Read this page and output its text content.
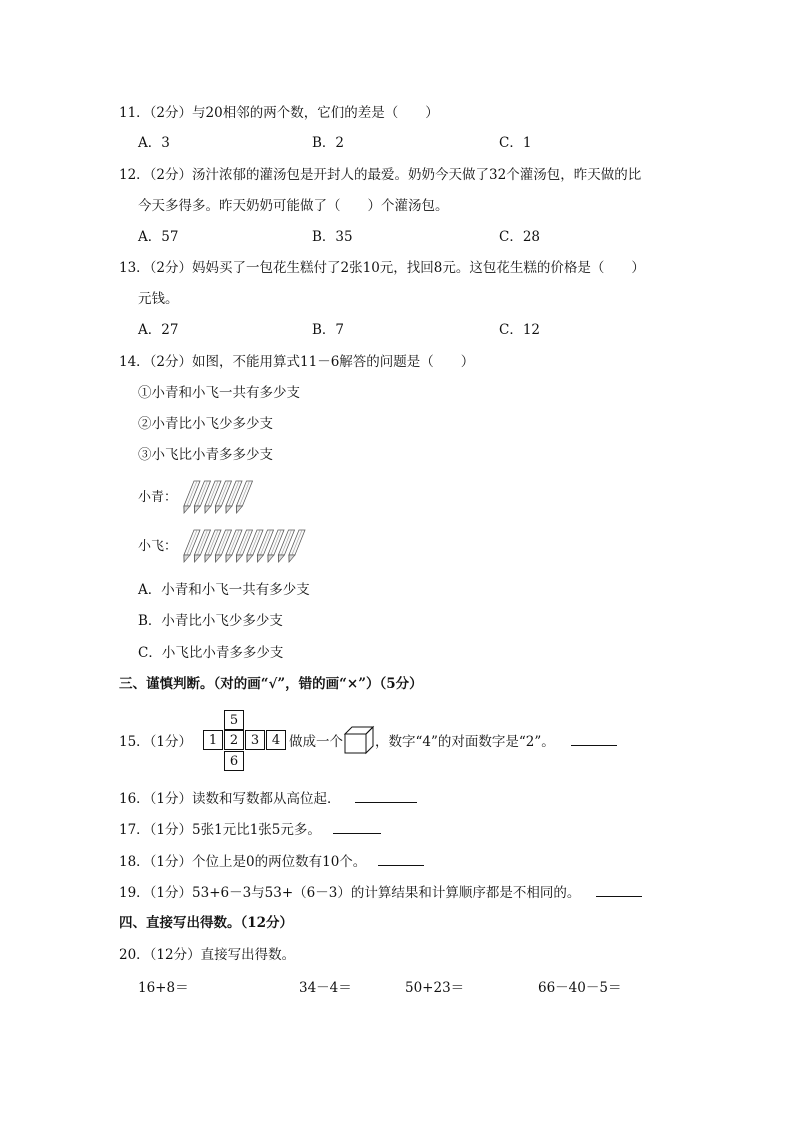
11．（2分）与20相邻的两个数，它们的差是（　　）
A．3	B．2	C．1
12．（2分）汤汁浓郁的灌汤包是开封人的最爱。奶奶今天做了32个灌汤包，昨天做的比
今天多得多。昨天奶奶可能做了（　　）个灌汤包。
A．57	B．35	C．28
13．（2分）妈妈买了一包花生糕付了2张10元，找回8元。这包花生糕的价格是（　　）
元钱。
A．27	B．7	C．12
14．（2分）如图，不能用算式11－6解答的问题是（　　）
①小青和小飞一共有多少支
②小青比小飞少多少支
③小飞比小青多多少支
小青：
小飞：
A．小青和小飞一共有多少支
B．小青比小飞少多少支
C．小飞比小青多多少支
三、谨慎判断。（对的画“√”，错的画“×”）（5分）
15．（1分）
5
1 2 3 4
6
做成一个 ，数字“4”的对面数字是“2”。
16．（1分）读数和写数都从高位起．
17．（1分）5张1元比1张5元多。
18．（1分）个位上是0的两位数有10个。
19．（1分）53+6－3与53+（6－3）的计算结果和计算顺序都是不相同的。
四、直接写出得数。（12分）
20．（12分）直接写出得数。
16+8＝	34－4＝	50+23＝	66－40－5＝
